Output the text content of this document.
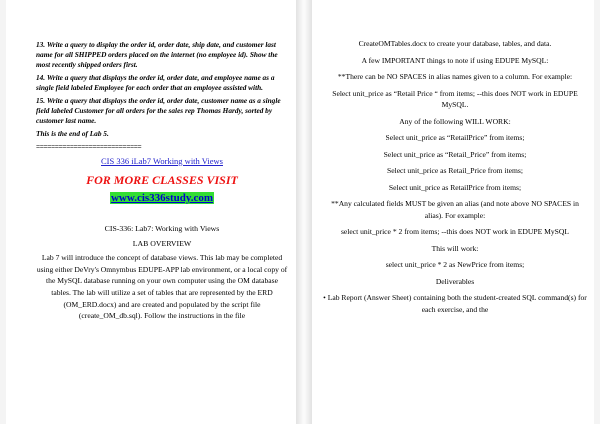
13. Write a query to display the order id, order date, ship date, and customer last name for all SHIPPED orders placed on the internet (no employee id). Show the most recently shipped orders first.

14. Write a query that displays the order id, order date, and employee name as a single field labeled Employee for each order that an employee assisted with.

15. Write a query that displays the order id, order date, customer name as a single field labeled Customer for all orders for the sales rep Thomas Hardy, sorted by customer last name.

This is the end of Lab 5.

============================
CIS 336 iLab7 Working with Views
FOR MORE CLASSES VISIT
www.cis336study.com

CIS-336: Lab7: Working with Views

LAB OVERVIEW

Lab 7 will introduce the concept of database views. This lab may be completed using either DeVry's Omnymbus EDUPE-APP lab environment, or a local copy of the MySQL database running on your own computer using the OM database tables. The lab will utilize a set of tables that are represented by the ERD (OM_ERD.docx) and are created and populated by the script file (create_OM_db.sql). Follow the instructions in the file

CreateOMTables.docx to create your database, tables, and data.

A few IMPORTANT things to note if using EDUPE MySQL:

**There can be NO SPACES in alias names given to a column. For example:

Select unit_price as “Retail Price “ from items; --this does NOT work in EDUPE MySQL.

Any of the following WILL WORK:

Select unit_price as “RetailPrice” from items;

Select unit_price as “Retail_Price” from items;

Select unit_price as Retail_Price from items;

Select unit_price as RetailPrice from items;

**Any calculated fields MUST be given an alias (and note above NO SPACES in alias). For example:

select unit_price * 2 from items; --this does NOT work in EDUPE MySQL

This will work:

select unit_price * 2 as NewPrice from items;

Deliverables

• Lab Report (Answer Sheet) containing both the student-created SQL command(s) for each exercise, and the
